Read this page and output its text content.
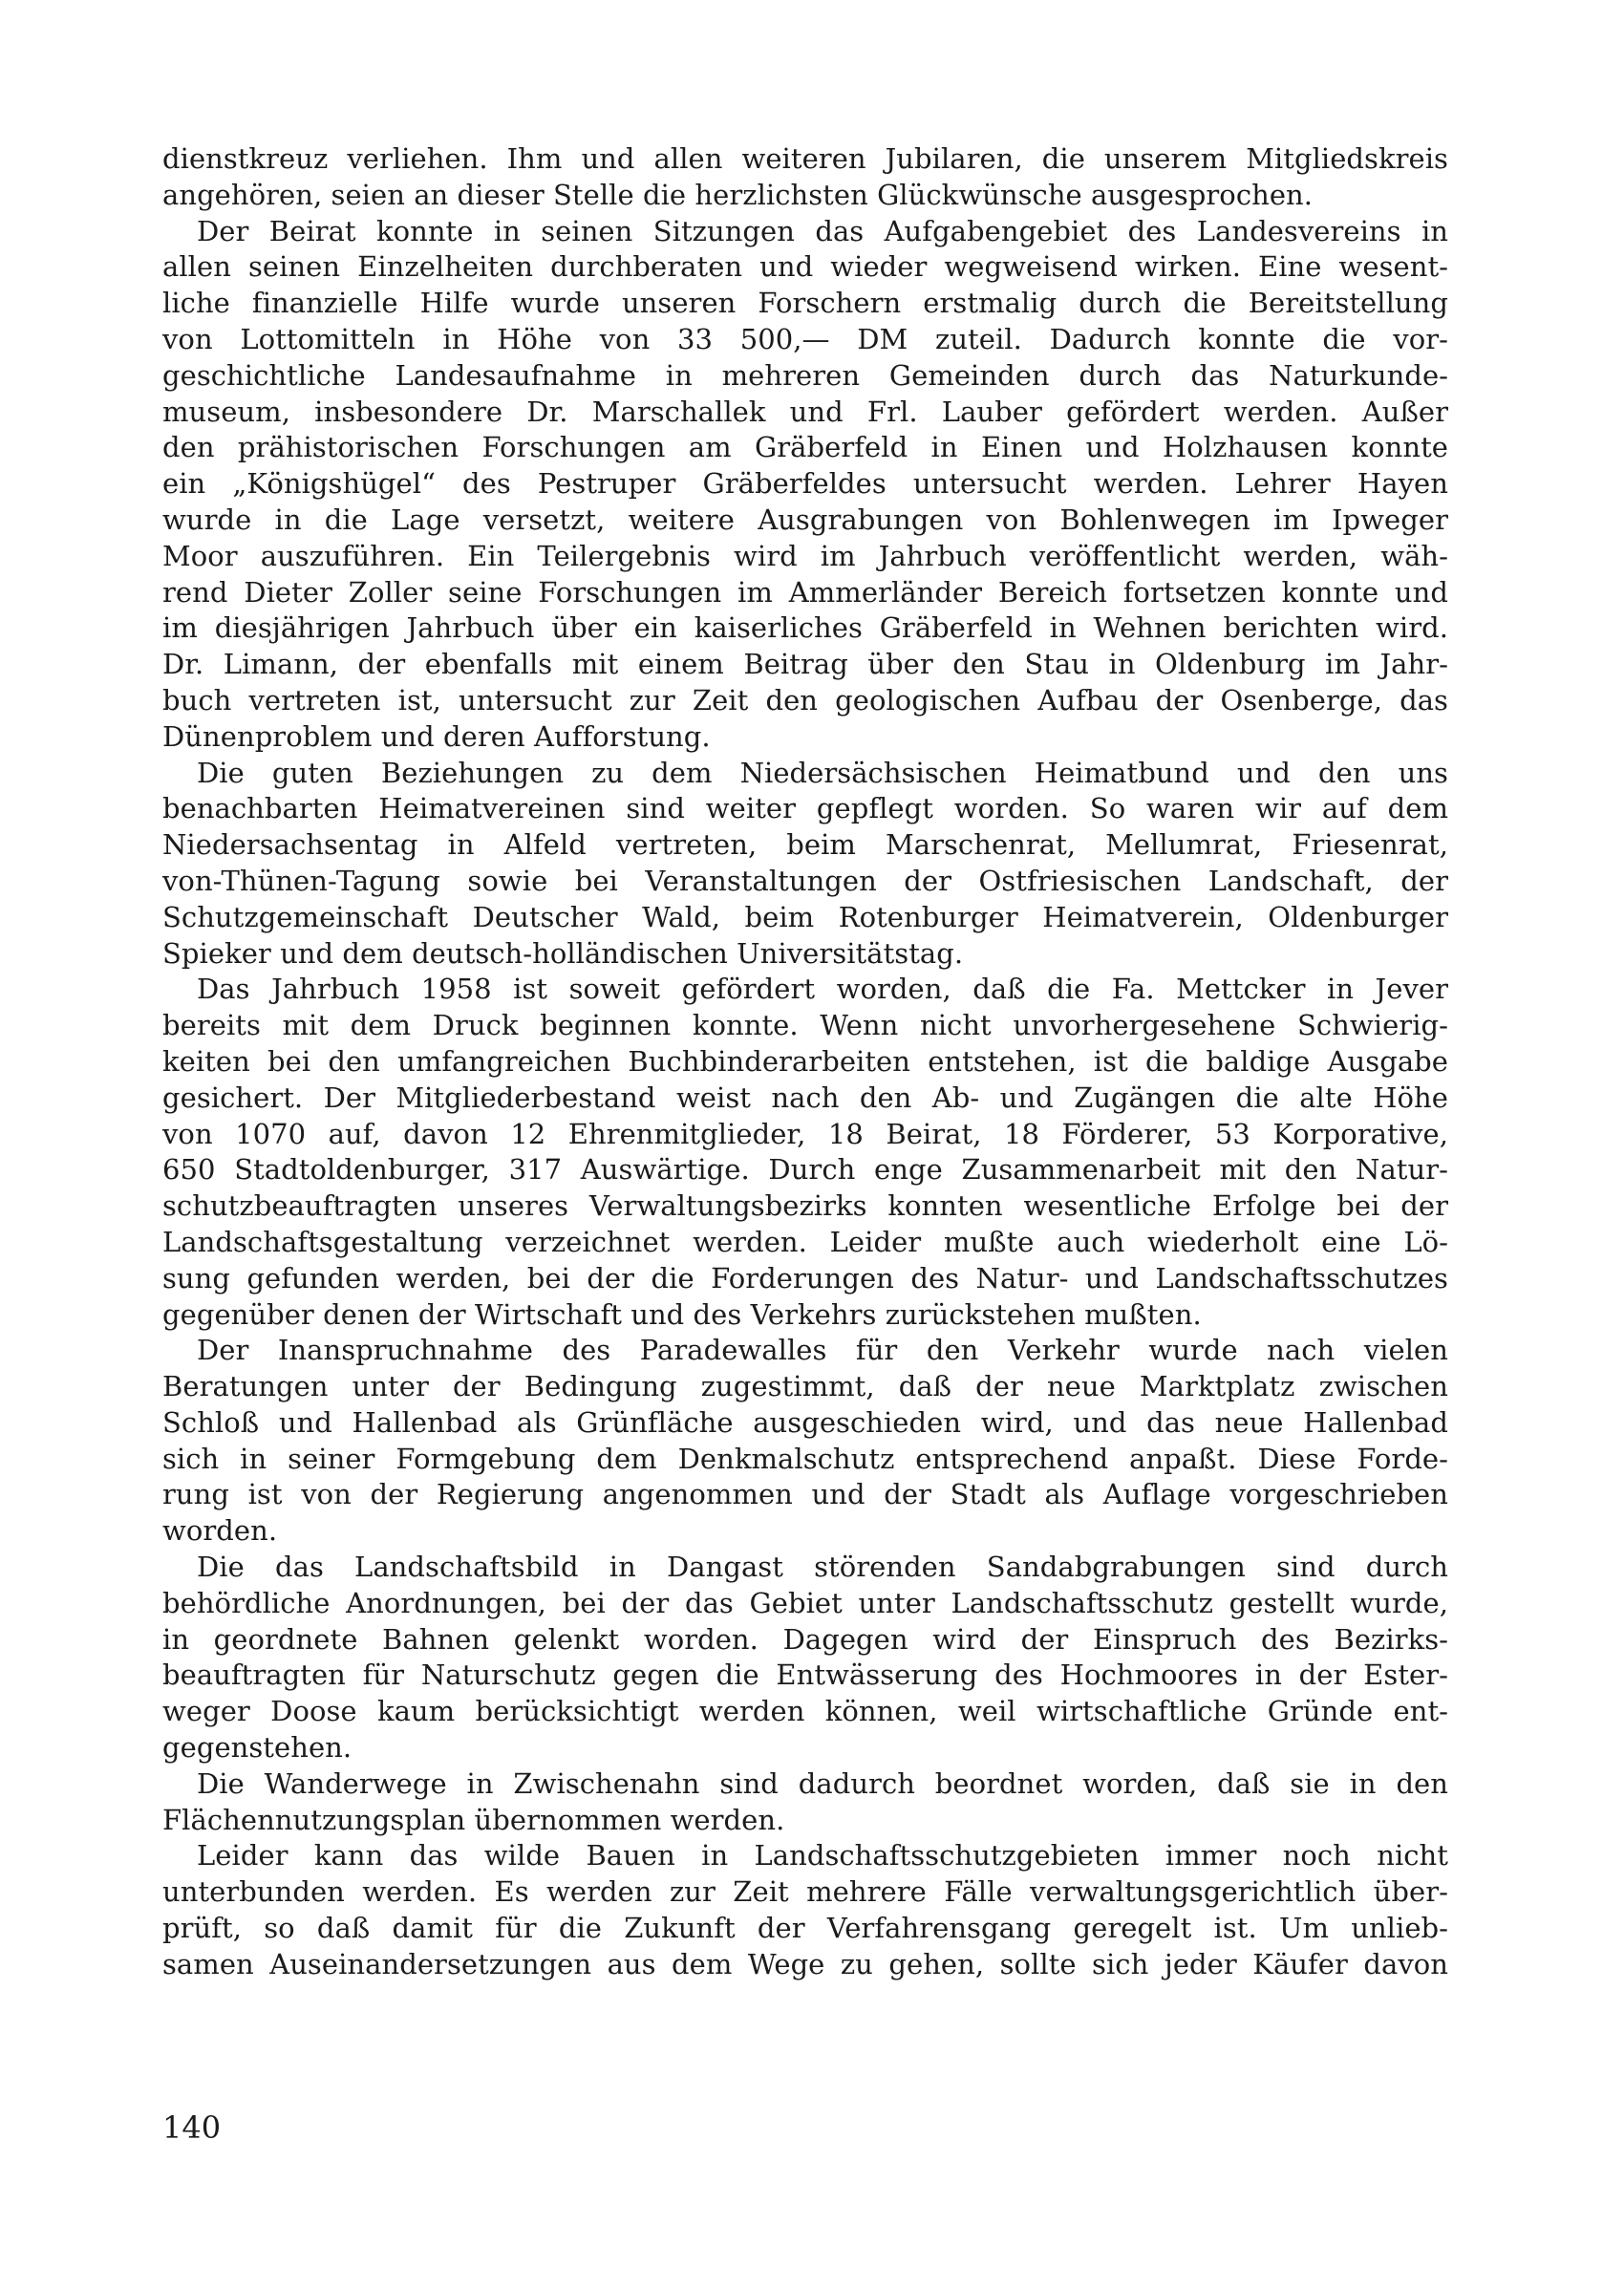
dienstkreuz verliehen. Ihm und allen weiteren Jubilaren, die unserem Mitgliedskreis
angehören, seien an dieser Stelle die herzlichsten Glückwünsche ausgesprochen.
Der Beirat konnte in seinen Sitzungen das Aufgabengebiet des Landesvereins in
allen seinen Einzelheiten durchberaten und wieder wegweisend wirken. Eine wesent-
liche finanzielle Hilfe wurde unseren Forschern erstmalig durch die Bereitstellung
von Lottomitteln in Höhe von 33 500,— DM zuteil. Dadurch konnte die vor-
geschichtliche Landesaufnahme in mehreren Gemeinden durch das Naturkunde-
museum, insbesondere Dr. Marschallek und Frl. Lauber gefördert werden. Außer
den prähistorischen Forschungen am Gräberfeld in Einen und Holzhausen konnte
ein „Königshügel“ des Pestruper Gräberfeldes untersucht werden. Lehrer Hayen
wurde in die Lage versetzt, weitere Ausgrabungen von Bohlenwegen im Ipweger
Moor auszuführen. Ein Teilergebnis wird im Jahrbuch veröffentlicht werden, wäh-
rend Dieter Zoller seine Forschungen im Ammerländer Bereich fortsetzen konnte und
im diesjährigen Jahrbuch über ein kaiserliches Gräberfeld in Wehnen berichten wird.
Dr. Limann, der ebenfalls mit einem Beitrag über den Stau in Oldenburg im Jahr-
buch vertreten ist, untersucht zur Zeit den geologischen Aufbau der Osenberge, das
Dünenproblem und deren Aufforstung.
Die guten Beziehungen zu dem Niedersächsischen Heimatbund und den uns
benachbarten Heimatvereinen sind weiter gepflegt worden. So waren wir auf dem
Niedersachsentag in Alfeld vertreten, beim Marschenrat, Mellumrat, Friesenrat,
von-Thünen-Tagung sowie bei Veranstaltungen der Ostfriesischen Landschaft, der
Schutzgemeinschaft Deutscher Wald, beim Rotenburger Heimatverein, Oldenburger
Spieker und dem deutsch-holländischen Universitätstag.
Das Jahrbuch 1958 ist soweit gefördert worden, daß die Fa. Mettcker in Jever
bereits mit dem Druck beginnen konnte. Wenn nicht unvorhergesehene Schwierig-
keiten bei den umfangreichen Buchbinderarbeiten entstehen, ist die baldige Ausgabe
gesichert. Der Mitgliederbestand weist nach den Ab- und Zugängen die alte Höhe
von 1070 auf, davon 12 Ehrenmitglieder, 18 Beirat, 18 Förderer, 53 Korporative,
650 Stadtoldenburger, 317 Auswärtige. Durch enge Zusammenarbeit mit den Natur-
schutzbeauftragten unseres Verwaltungsbezirks konnten wesentliche Erfolge bei der
Landschaftsgestaltung verzeichnet werden. Leider mußte auch wiederholt eine Lö-
sung gefunden werden, bei der die Forderungen des Natur- und Landschaftsschutzes
gegenüber denen der Wirtschaft und des Verkehrs zurückstehen mußten.
Der Inanspruchnahme des Paradewalles für den Verkehr wurde nach vielen
Beratungen unter der Bedingung zugestimmt, daß der neue Marktplatz zwischen
Schloß und Hallenbad als Grünfläche ausgeschieden wird, und das neue Hallenbad
sich in seiner Formgebung dem Denkmalschutz entsprechend anpaßt. Diese Forde-
rung ist von der Regierung angenommen und der Stadt als Auflage vorgeschrieben
worden.
Die das Landschaftsbild in Dangast störenden Sandabgrabungen sind durch
behördliche Anordnungen, bei der das Gebiet unter Landschaftsschutz gestellt wurde,
in geordnete Bahnen gelenkt worden. Dagegen wird der Einspruch des Bezirks-
beauftragten für Naturschutz gegen die Entwässerung des Hochmoores in der Ester-
weger Doose kaum berücksichtigt werden können, weil wirtschaftliche Gründe ent-
gegenstehen.
Die Wanderwege in Zwischenahn sind dadurch beordnet worden, daß sie in den
Flächennutzungsplan übernommen werden.
Leider kann das wilde Bauen in Landschaftsschutzgebieten immer noch nicht
unterbunden werden. Es werden zur Zeit mehrere Fälle verwaltungsgerichtlich über-
prüft, so daß damit für die Zukunft der Verfahrensgang geregelt ist. Um unlieb-
samen Auseinandersetzungen aus dem Wege zu gehen, sollte sich jeder Käufer davon
140
